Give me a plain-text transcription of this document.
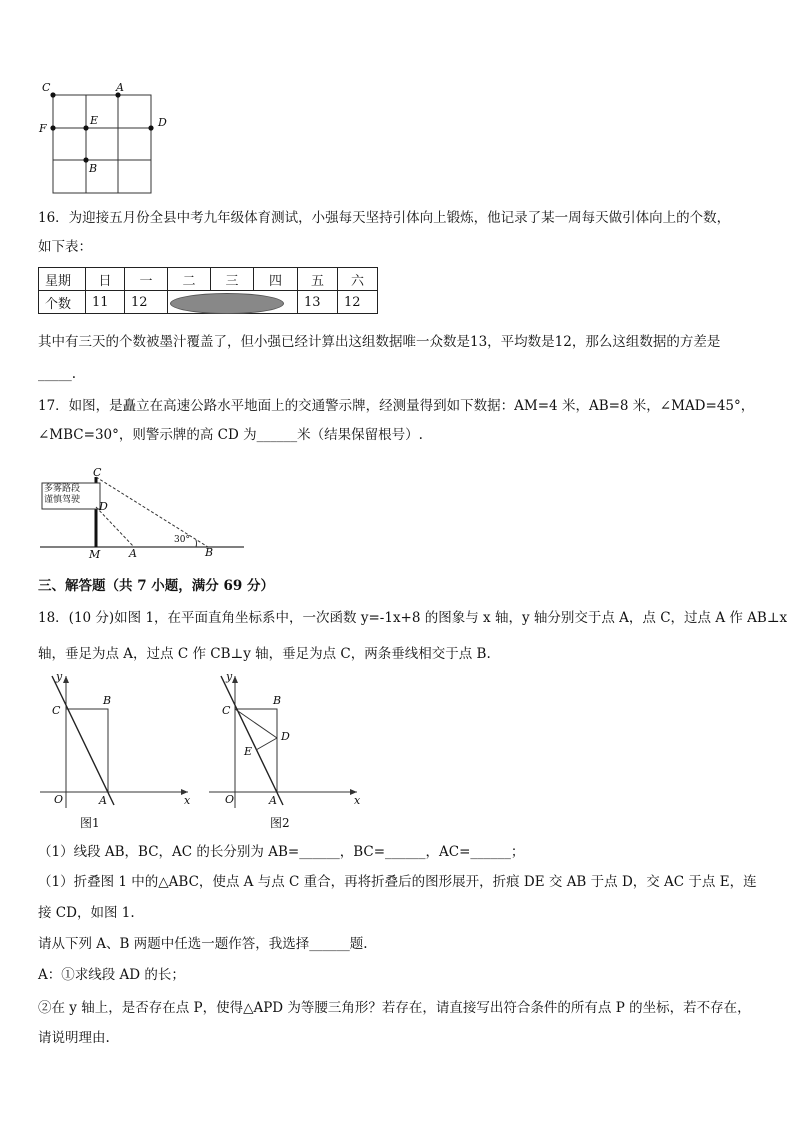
C	A
F
E	D
B
16．为迎接五月份全县中考九年级体育测试，小强每天坚持引体向上锻炼，他记录了某一周每天做引体向上的个数，
如下表：
星期	日	一	二	三	四	五	六
个数	11	12				13	12
其中有三天的个数被墨汁覆盖了，但小强已经计算出这组数据唯一众数是13，平均数是12，那么这组数据的方差是
_____.
17．如图，是矗立在高速公路水平地面上的交通警示牌，经测量得到如下数据：AM=4 米，AB=8 米，∠MAD=45°，
∠MBC=30°，则警示牌的高 CD 为______米（结果保留根号）.
多雾路段
谨慎驾驶
C
D
M	A	B
30°
三、解答题（共 7 小题，满分 69 分）
18．(10 分)如图 1，在平面直角坐标系中，一次函数 y=-1x+8 的图象与 x 轴，y 轴分别交于点 A，点 C，过点 A 作 AB⊥x
轴，垂足为点 A，过点 C 作 CB⊥y 轴，垂足为点 C，两条垂线相交于点 B.
y
C
B
O	A	x
图1
y
C
B
D
E
O	A	x
图2
（1）线段 AB，BC，AC 的长分别为 AB=______，BC=______，AC=______；
（1）折叠图 1 中的△ABC，使点 A 与点 C 重合，再将折叠后的图形展开，折痕 DE 交 AB 于点 D，交 AC 于点 E，连
接 CD，如图 1.
请从下列 A、B 两题中任选一题作答，我选择______题.
A：①求线段 AD 的长；
②在 y 轴上，是否存在点 P，使得△APD 为等腰三角形？若存在，请直接写出符合条件的所有点 P 的坐标，若不存在，
请说明理由.
